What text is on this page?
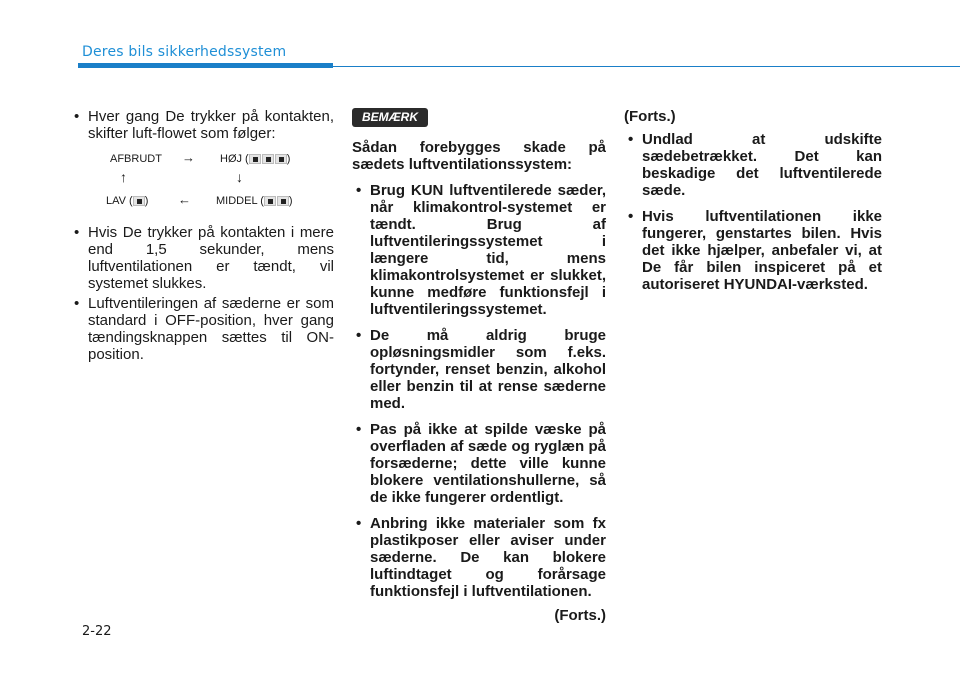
Deres bils sikkerhedssystem
• Hver gang De trykker på kontakten, skifter luft-flowet som følger:
AFBRUDT → HØJ (	)
↑	↓
LAV ( ) ← MIDDEL ( )
• Hvis De trykker på kontakten i mere end 1,5 sekunder, mens luftventilationen er tændt, vil systemet slukkes.
• Luftventileringen af sæderne er som standard i OFF-position, hver gang tændingsknappen sættes til ON-position.
BEMÆRK
Sådan forebygges skade på sædets luftventilationssystem:
• Brug KUN luftventilerede sæder, når klimakontrol-systemet er tændt. Brug af luftventileringssystemet i længere tid, mens klimakontrolsystemet er slukket, kunne medføre funktionsfejl i luftventileringssystemet.
• De må aldrig bruge opløsningsmidler som f.eks. fortynder, renset benzin, alkohol eller benzin til at rense sæderne med.
• Pas på ikke at spilde væske på overfladen af sæde og ryglæn på forsæderne; dette ville kunne blokere ventilationshullerne, så de ikke fungerer ordentligt.
• Anbring ikke materialer som fx plastikposer eller aviser under sæderne. De kan blokere luftindtaget og forårsage funktionsfejl i luftventilationen.
(Forts.)
(Forts.)
• Undlad at udskifte sædebetrækket. Det kan beskadige det luftventilerede sæde.
• Hvis luftventilationen ikke fungerer, genstartes bilen. Hvis det ikke hjælper, anbefaler vi, at De får bilen inspiceret på et autoriseret HYUNDAI-værksted.
2-22
